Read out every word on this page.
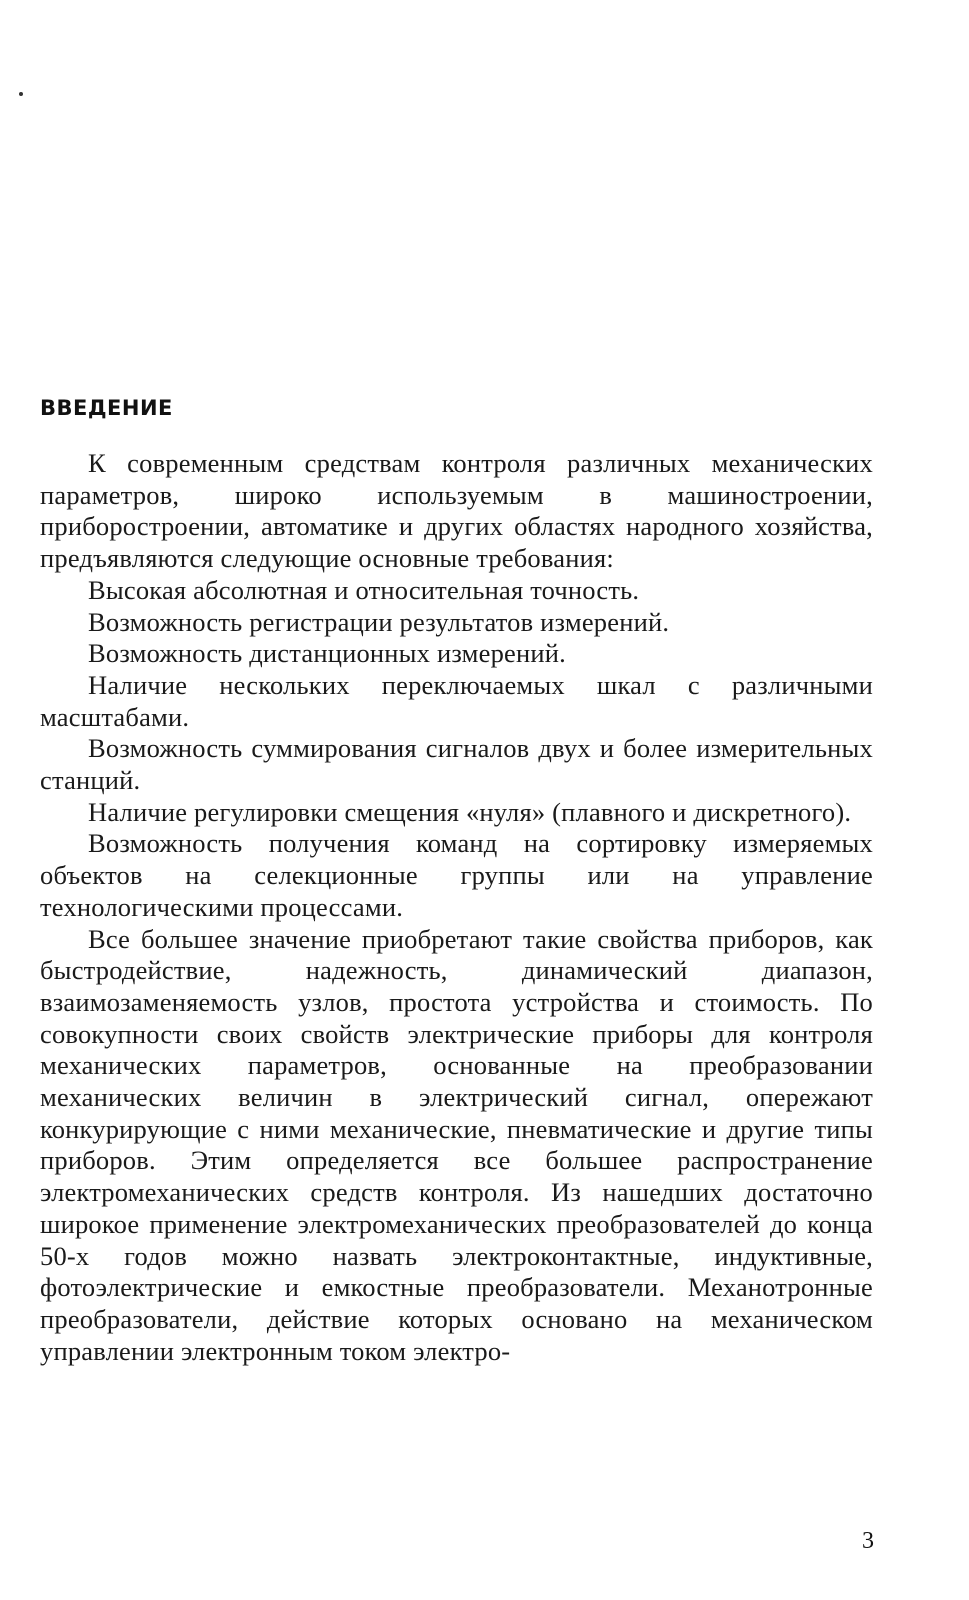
ВВЕДЕНИЕ

К современным средствам контроля различных механических параметров, широко используемым в машиностроении, приборостроении, автоматике и других областях народного хозяйства, предъявляются следующие основные требования:

Высокая абсолютная и относительная точность.

Возможность регистрации результатов измерений.

Возможность дистанционных измерений.

Наличие нескольких переключаемых шкал с различными масштабами.

Возможность суммирования сигналов двух и более измерительных станций.

Наличие регулировки смещения «нуля» (плавного и дискретного).

Возможность получения команд на сортировку измеряемых объектов на селекционные группы или на управление технологическими процессами.

Все большее значение приобретают такие свойства приборов, как быстродействие, надежность, динамический диапазон, взаимозаменяемость узлов, простота устройства и стоимость. По совокупности своих свойств электрические приборы для контроля механических параметров, основанные на преобразовании механических величин в электрический сигнал, опережают конкурирующие с ними механические, пневматические и другие типы приборов. Этим определяется все большее распространение электромеханических средств контроля. Из нашедших достаточно широкое применение электромеханических преобразователей до конца 50-х годов можно назвать электроконтактные, индуктивные, фотоэлектрические и емкостные преобразователи. Механотронные преобразователи, действие которых основано на механическом управлении электронным током электро-

3
